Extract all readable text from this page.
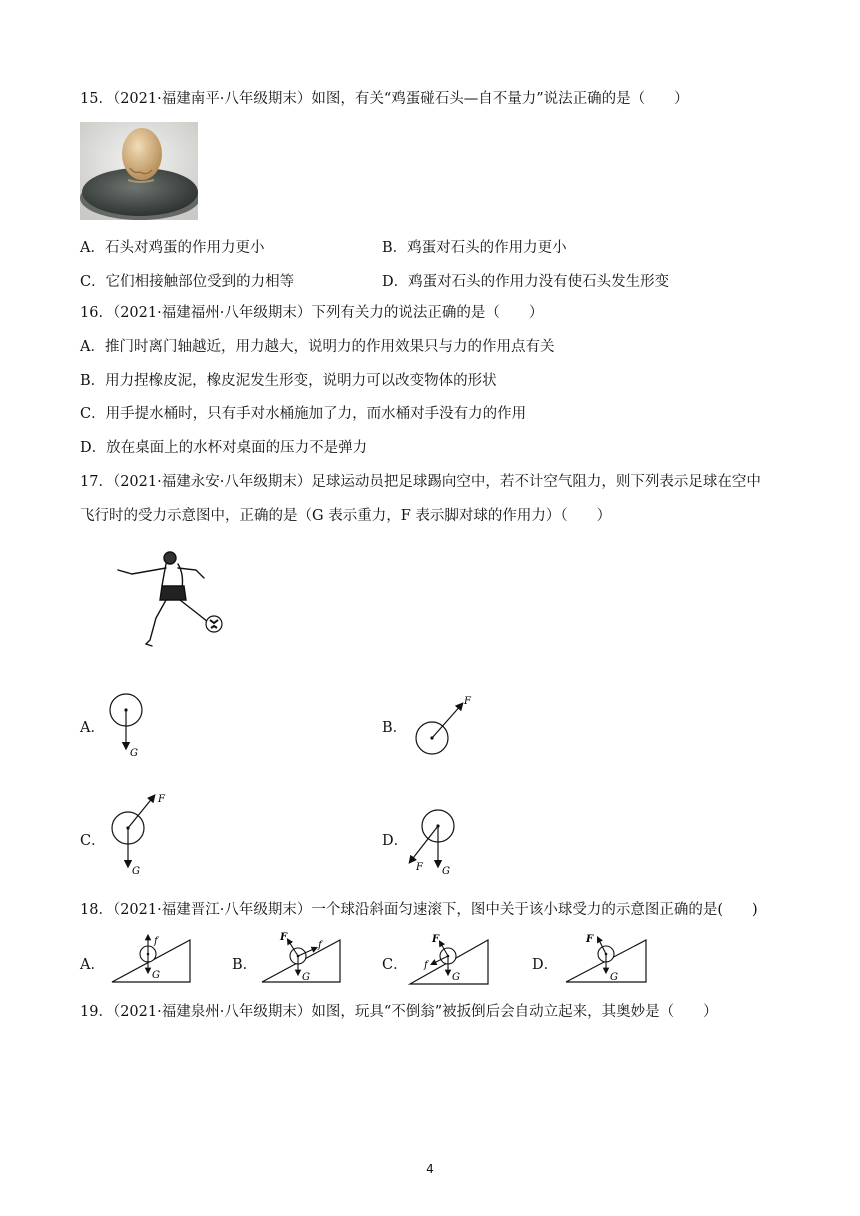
15．（2021·福建南平·八年级期末）如图，有关“鸡蛋碰石头—自不量力”说法正确的是（　　）
A．石头对鸡蛋的作用力更小	B．鸡蛋对石头的作用力更小
C．它们相接触部位受到的力相等	D．鸡蛋对石头的作用力没有使石头发生形变
16．（2021·福建福州·八年级期末）下列有关力的说法正确的是（　　）
A．推门时离门轴越近，用力越大，说明力的作用效果只与力的作用点有关
B．用力捏橡皮泥，橡皮泥发生形变，说明力可以改变物体的形状
C．用手提水桶时，只有手对水桶施加了力，而水桶对手没有力的作用
D．放在桌面上的水杯对桌面的压力不是弹力
17．（2021·福建永安·八年级期末）足球运动员把足球踢向空中，若不计空气阻力，则下列表示足球在空中
飞行时的受力示意图中，正确的是（G 表示重力，F 表示脚对球的作用力）（　　）
A．
G
B．
F
C．
F
G
D．
F G
18．（2021·福建晋江·八年级期末）一个球沿斜面匀速滚下，图中关于该小球受力的示意图正确的是(　　)
A．
f
G
B．
F
f
G
C．
F
f
G
D．
F
G
19．（2021·福建泉州·八年级期末）如图，玩具“不倒翁”被扳倒后会自动立起来，其奥妙是（　　）
4
